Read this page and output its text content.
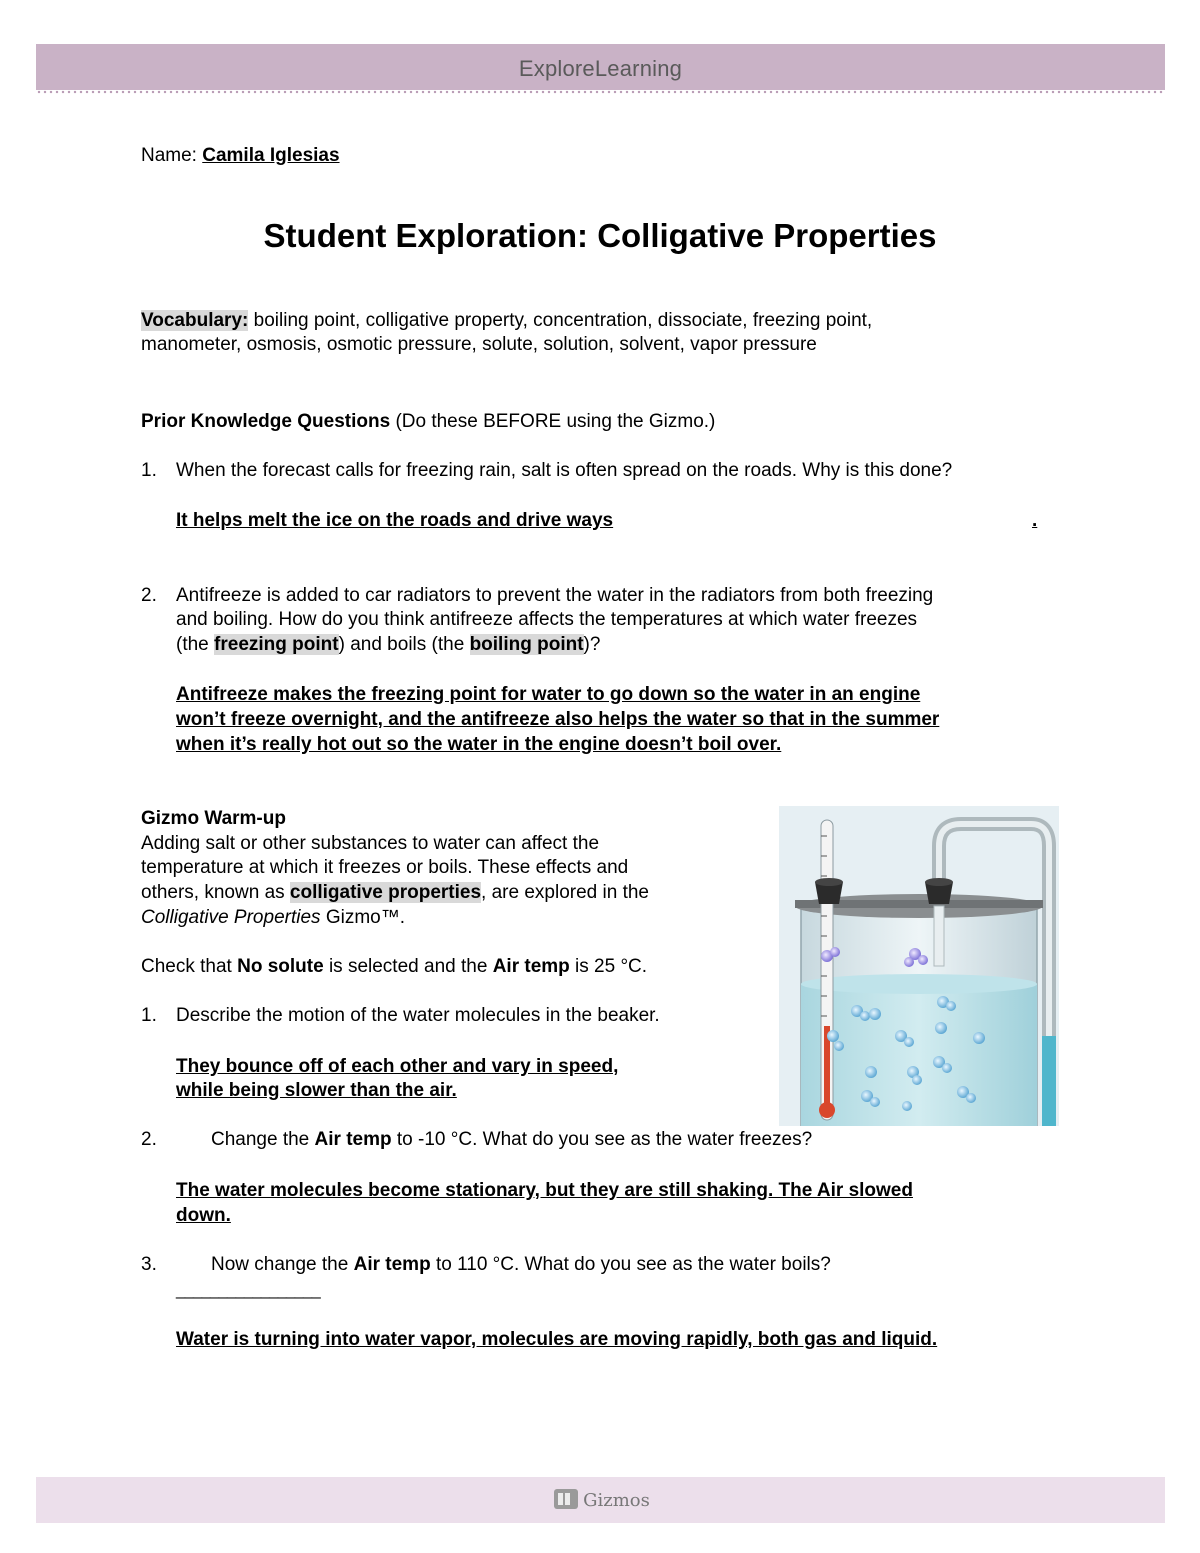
ExploreLearning
Name: Camila Iglesias
Student Exploration: Colligative Properties
Vocabulary: boiling point, colligative property, concentration, dissociate, freezing point,
manometer, osmosis, osmotic pressure, solute, solution, solvent, vapor pressure
Prior Knowledge Questions (Do these BEFORE using the Gizmo.)
1. When the forecast calls for freezing rain, salt is often spread on the roads. Why is this done?
It helps melt the ice on the roads and drive ways	.
2. Antifreeze is added to car radiators to prevent the water in the radiators from both freezing
and boiling. How do you think antifreeze affects the temperatures at which water freezes
(the freezing point) and boils (the boiling point)?
Antifreeze makes the freezing point for water to go down so the water in an engine
won’t freeze overnight, and the antifreeze also helps the water so that in the summer
when it’s really hot out so the water in the engine doesn’t boil over.
Gizmo Warm-up
Adding salt or other substances to water can affect the
temperature at which it freezes or boils. These effects and
others, known as colligative properties, are explored in the
Colligative Properties Gizmo™.
Check that No solute is selected and the Air temp is 25 °C.
1. Describe the motion of the water molecules in the beaker.
They bounce off of each other and vary in speed,
while being slower than the air.
2.	Change the Air temp to -10 °C. What do you see as the water freezes?
The water molecules become stationary, but they are still shaking. The Air slowed
down.
3.	Now change the Air temp to 110 °C. What do you see as the water boils?
_________________
Water is turning into water vapor, molecules are moving rapidly, both gas and liquid.
Gizmos
